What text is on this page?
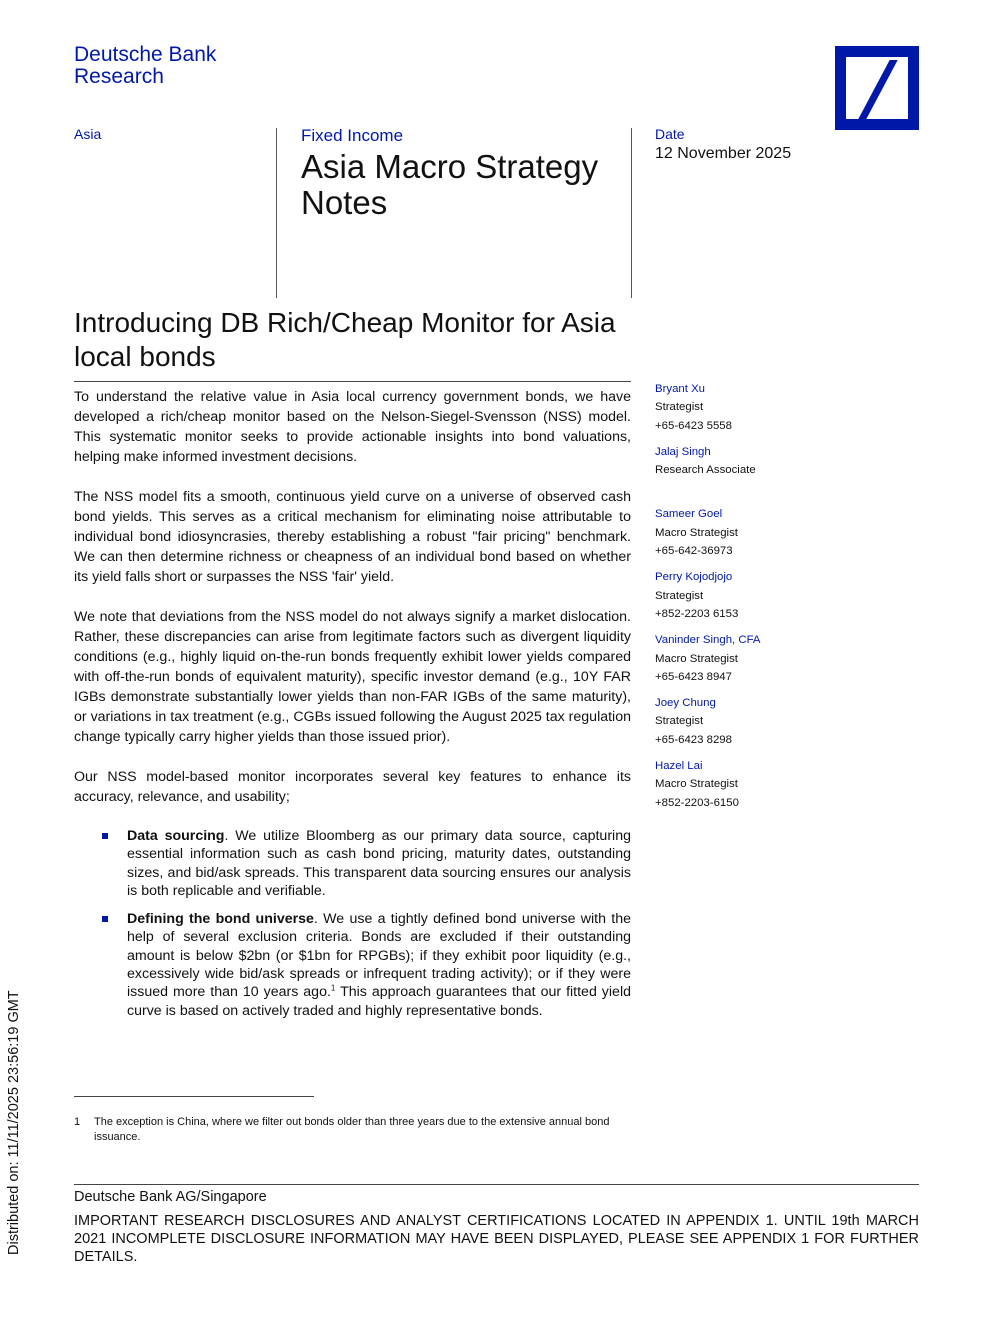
Deutsche Bank
Research
Asia	Fixed Income
Asia Macro Strategy Notes
Date
12 November 2025
Introducing DB Rich/Cheap Monitor for Asia local bonds

To understand the relative value in Asia local currency government bonds, we have developed a rich/cheap monitor based on the Nelson-Siegel-Svensson (NSS) model. This systematic monitor seeks to provide actionable insights into bond valuations, helping make informed investment decisions.

The NSS model fits a smooth, continuous yield curve on a universe of observed cash bond yields. This serves as a critical mechanism for eliminating noise attributable to individual bond idiosyncrasies, thereby establishing a robust "fair pricing" benchmark. We can then determine richness or cheapness of an individual bond based on whether its yield falls short or surpasses the NSS 'fair' yield.

We note that deviations from the NSS model do not always signify a market dislocation. Rather, these discrepancies can arise from legitimate factors such as divergent liquidity conditions (e.g., highly liquid on-the-run bonds frequently exhibit lower yields compared with off-the-run bonds of equivalent maturity), specific investor demand (e.g., 10Y FAR IGBs demonstrate substantially lower yields than non-FAR IGBs of the same maturity), or variations in tax treatment (e.g., CGBs issued following the August 2025 tax regulation change typically carry higher yields than those issued prior).

Our NSS model-based monitor incorporates several key features to enhance its accuracy, relevance, and usability;

Data sourcing. We utilize Bloomberg as our primary data source, capturing essential information such as cash bond pricing, maturity dates, outstanding sizes, and bid/ask spreads. This transparent data sourcing ensures our analysis is both replicable and verifiable.
Defining the bond universe. We use a tightly defined bond universe with the help of several exclusion criteria. Bonds are excluded if their outstanding amount is below $2bn (or $1bn for RPGBs); if they exhibit poor liquidity (e.g., excessively wide bid/ask spreads or infrequent trading activity); or if they were issued more than 10 years ago.$^1$ This approach guarantees that our fitted yield curve is based on actively traded and highly representative bonds.
Bryant Xu
Strategist
+65-6423 5558
Jalaj Singh
Research Associate
Sameer Goel
Macro Strategist
+65-642-36973
Perry Kojodjojo
Strategist
+852-2203 6153
Vaninder Singh, CFA
Macro Strategist
+65-6423 8947
Joey Chung
Strategist
+65-6423 8298
Hazel Lai
Macro Strategist
+852-2203-6150
1 The exception is China, where we filter out bonds older than three years due to the extensive annual bond issuance.
Deutsche Bank AG/Singapore
IMPORTANT RESEARCH DISCLOSURES AND ANALYST CERTIFICATIONS LOCATED IN APPENDIX 1. UNTIL 19th MARCH 2021 INCOMPLETE DISCLOSURE INFORMATION MAY HAVE BEEN DISPLAYED, PLEASE SEE APPENDIX 1 FOR FURTHER DETAILS.
Distributed on: 11/11/2025 23:56:19 GMT
